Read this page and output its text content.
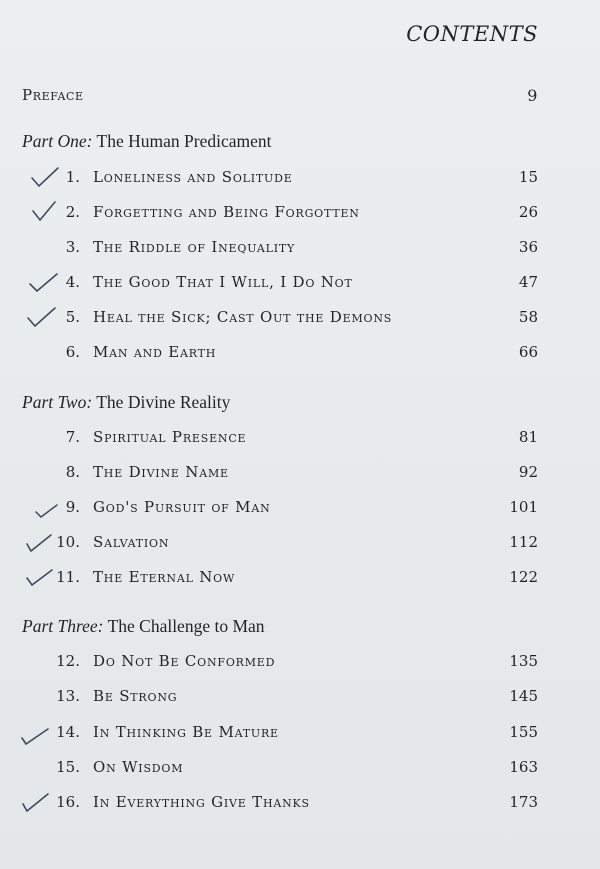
CONTENTS
Preface	9
Part One: The Human Predicament
1. Loneliness and Solitude	15
2. Forgetting and Being Forgotten	26
3. The Riddle of Inequality	36
4. The Good That I Will, I Do Not	47
5. Heal the Sick; Cast Out the Demons	58
6. Man and Earth	66
Part Two: The Divine Reality
7. Spiritual Presence	81
8. The Divine Name	92
9. God's Pursuit of Man	101
10. Salvation	112
11. The Eternal Now	122
Part Three: The Challenge to Man
12. Do Not Be Conformed	135
13. Be Strong	145
14. In Thinking Be Mature	155
15. On Wisdom	163
16. In Everything Give Thanks	173
